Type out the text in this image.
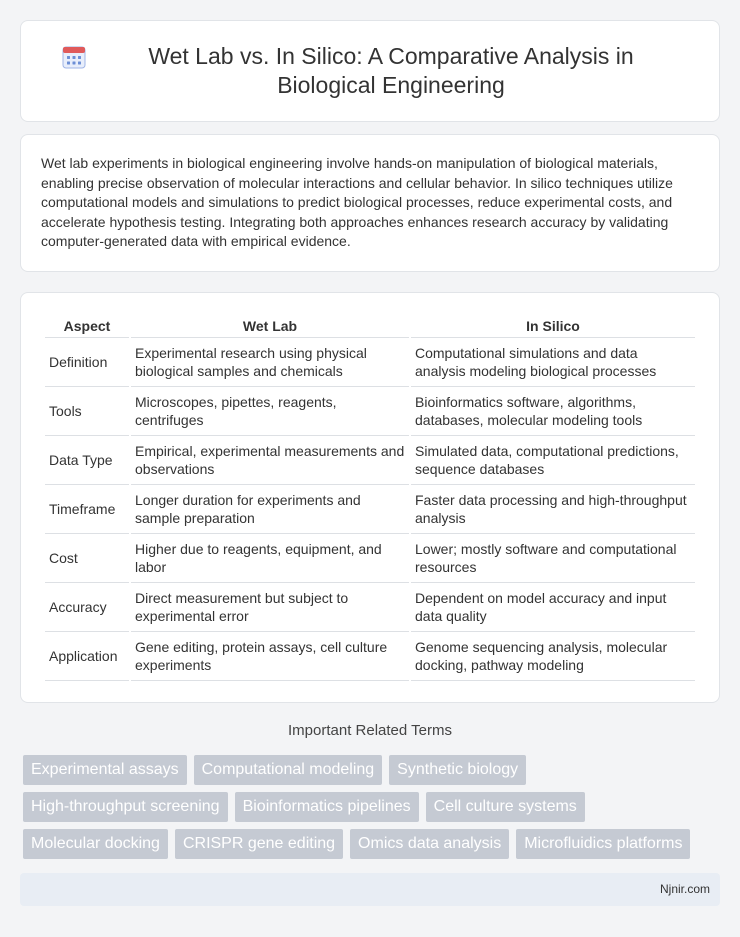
Wet Lab vs. In Silico: A Comparative Analysis in Biological Engineering

Wet lab experiments in biological engineering involve hands-on manipulation of biological materials, enabling precise observation of molecular interactions and cellular behavior. In silico techniques utilize computational models and simulations to predict biological processes, reduce experimental costs, and accelerate hypothesis testing. Integrating both approaches enhances research accuracy by validating computer-generated data with empirical evidence.

Aspect	Wet Lab	In Silico
Definition	Experimental research using physical biological samples and chemicals	Computational simulations and data analysis modeling biological processes
Tools	Microscopes, pipettes, reagents, centrifuges	Bioinformatics software, algorithms, databases, molecular modeling tools
Data Type	Empirical, experimental measurements and observations	Simulated data, computational predictions, sequence databases
Timeframe	Longer duration for experiments and sample preparation	Faster data processing and high-throughput analysis
Cost	Higher due to reagents, equipment, and labor	Lower; mostly software and computational resources
Accuracy	Direct measurement but subject to experimental error	Dependent on model accuracy and input data quality
Application	Gene editing, protein assays, cell culture experiments	Genome sequencing analysis, molecular docking, pathway modeling
Important Related Terms
Experimental assays	Computational modeling	Synthetic biology
High-throughput screening	Bioinformatics pipelines	Cell culture systems
Molecular docking	CRISPR gene editing	Omics data analysis	Microfluidics platforms
Njnir.com
